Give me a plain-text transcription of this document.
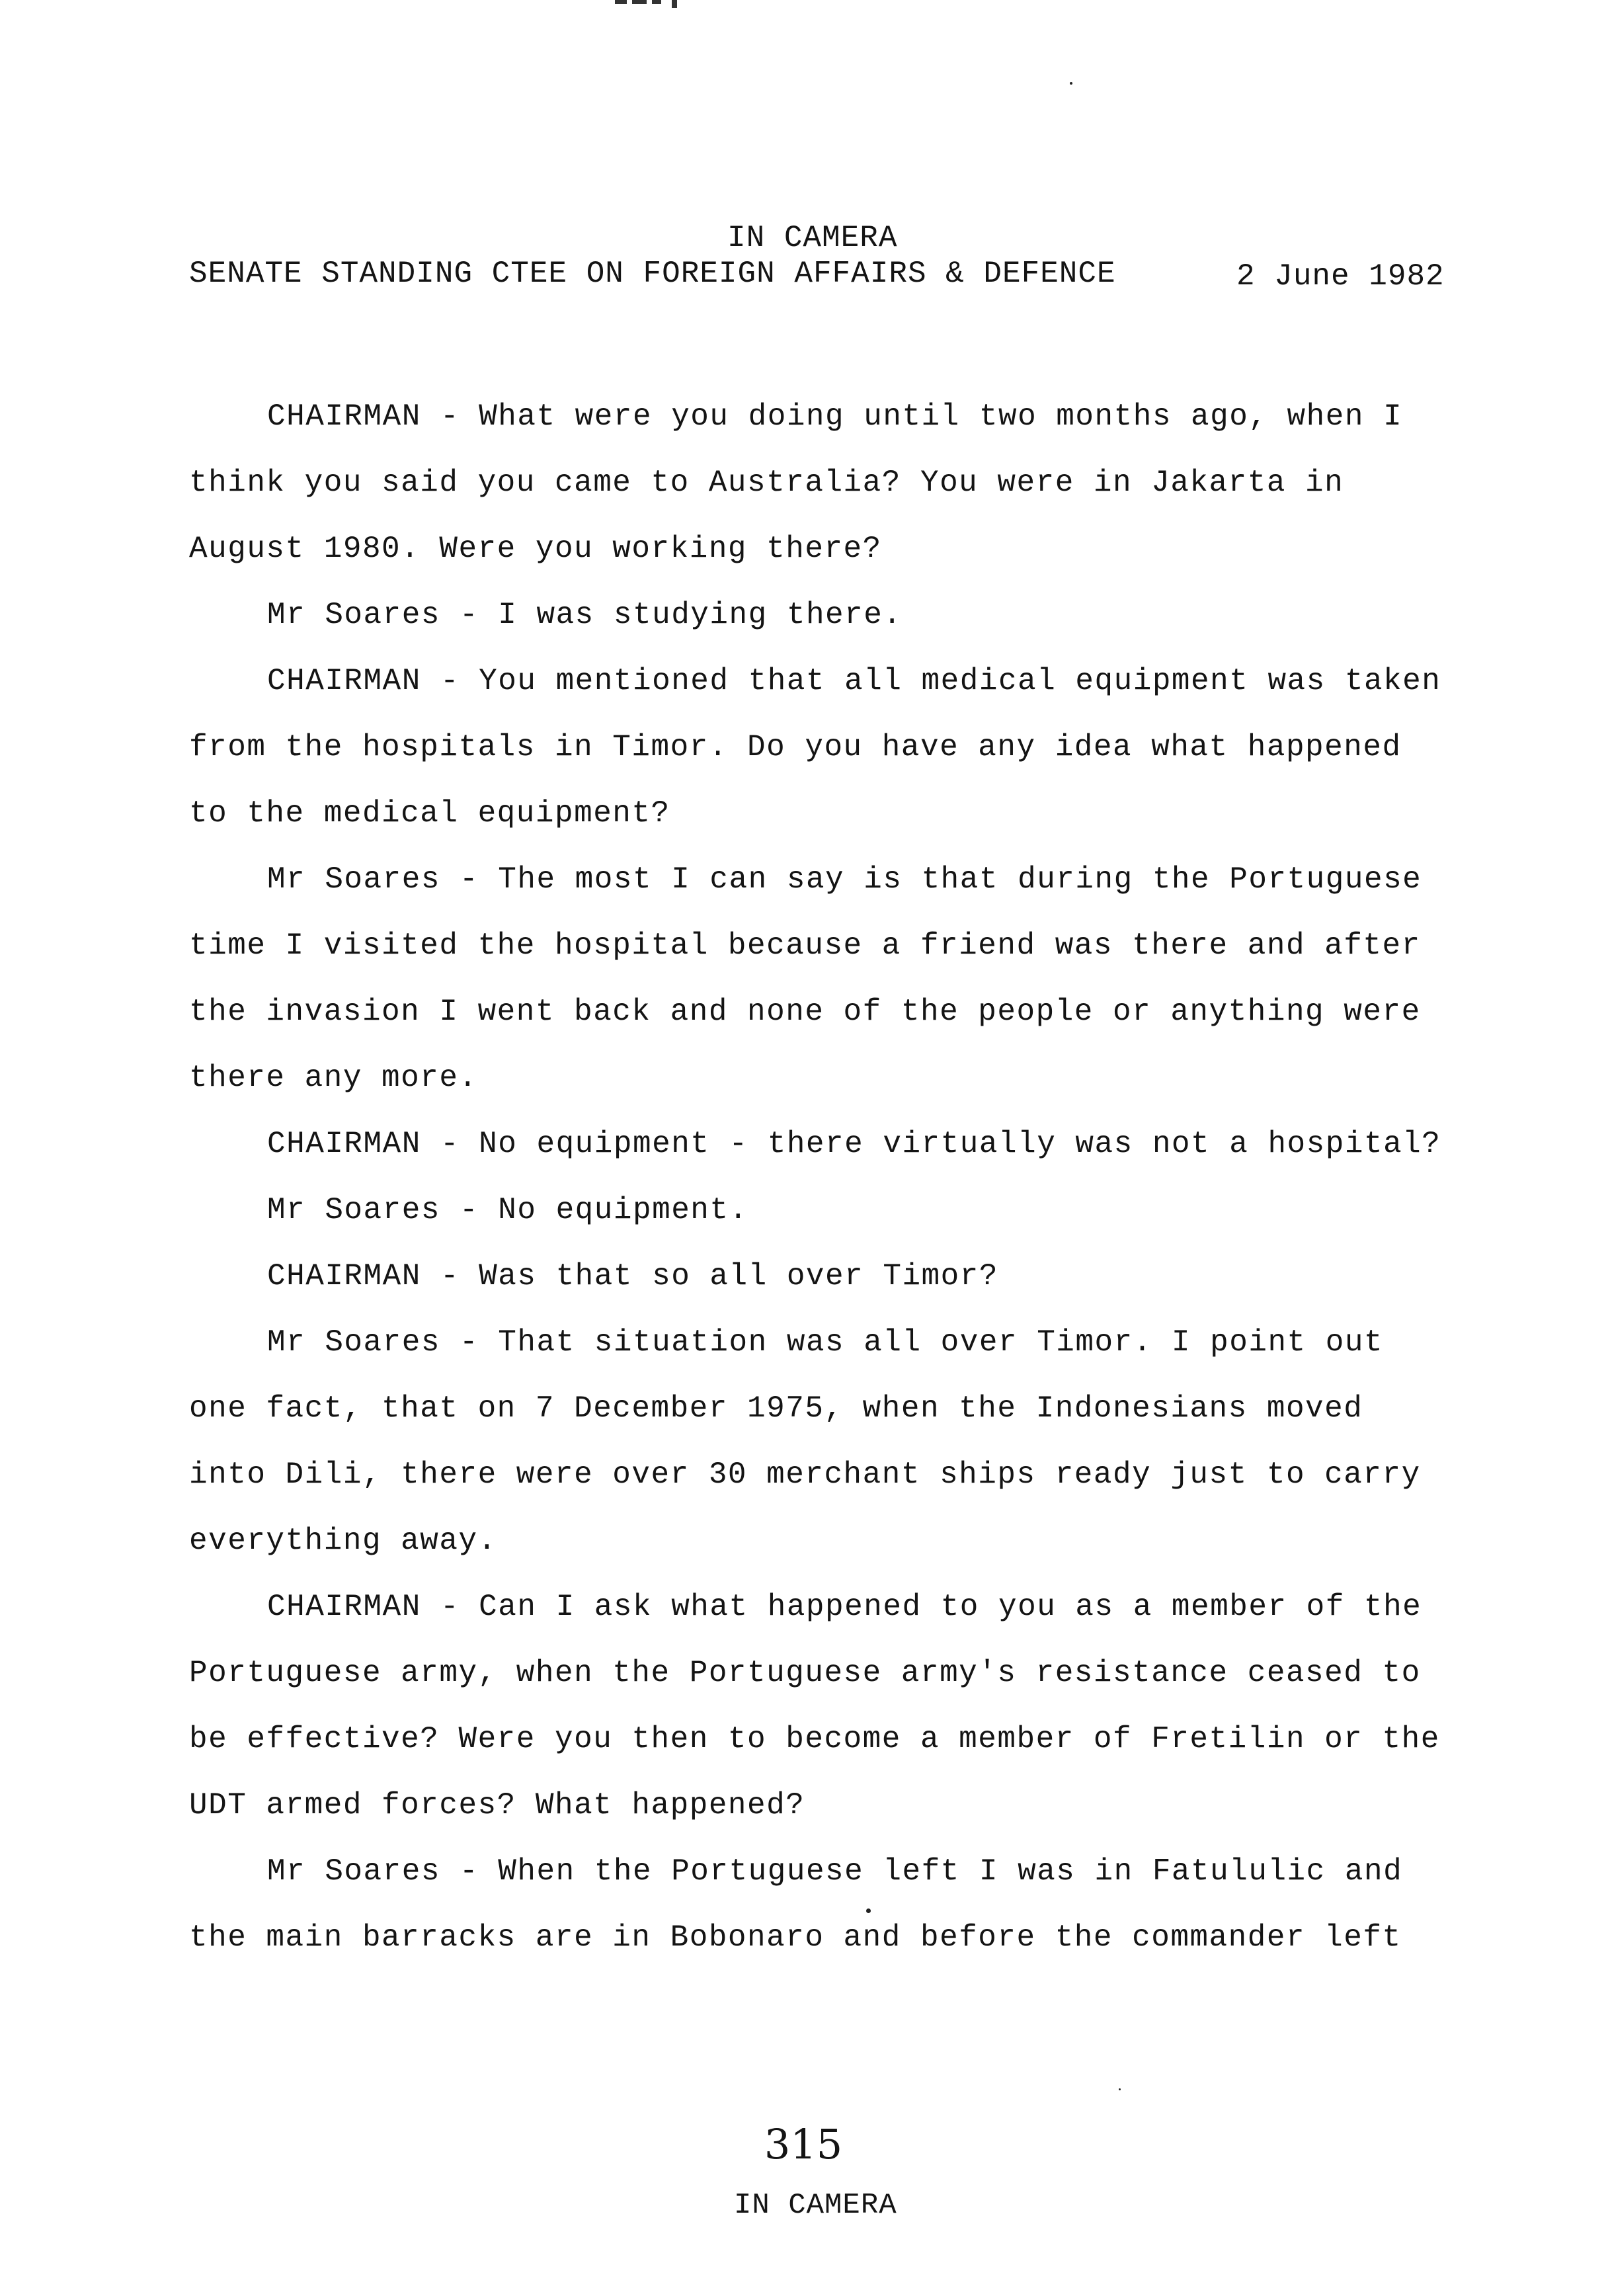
IN CAMERA
SENATE STANDING CTEE ON FOREIGN AFFAIRS & DEFENCE	2 June 1982

CHAIRMAN - What were you doing until two months ago, when I think you said you came to Australia? You were in Jakarta in August 1980. Were you working there?

Mr Soares - I was studying there.

CHAIRMAN - You mentioned that all medical equipment was taken from the hospitals in Timor. Do you have any idea what happened to the medical equipment?

Mr Soares - The most I can say is that during the Portuguese time I visited the hospital because a friend was there and after the invasion I went back and none of the people or anything were there any more.

CHAIRMAN - No equipment - there virtually was not a hospital?

Mr Soares - No equipment.

CHAIRMAN - Was that so all over Timor?

Mr Soares - That situation was all over Timor. I point out one fact, that on 7 December 1975, when the Indonesians moved into Dili, there were over 30 merchant ships ready just to carry everything away.

CHAIRMAN - Can I ask what happened to you as a member of the Portuguese army, when the Portuguese army's resistance ceased to be effective? Were you then to become a member of Fretilin or the UDT armed forces? What happened?

Mr Soares - When the Portuguese left I was in Fatululic and the main barracks are in Bobonaro and before the commander left

315
IN CAMERA
